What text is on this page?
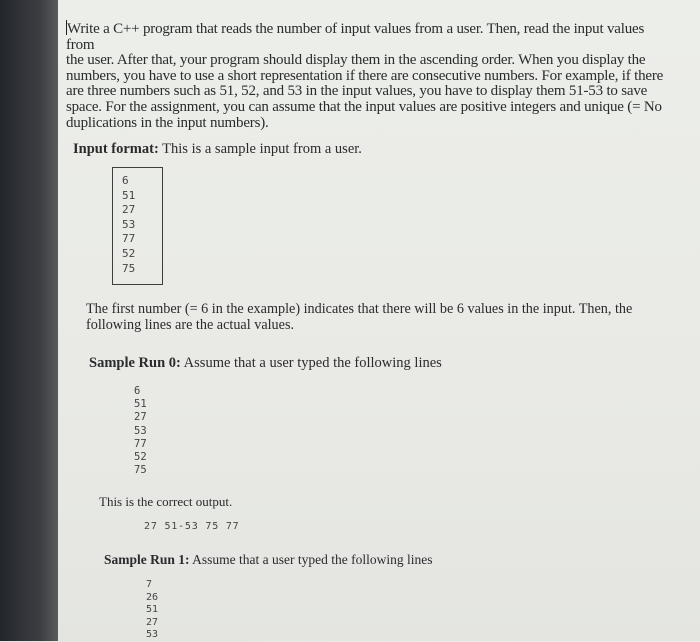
Write a C++ program that reads the number of input values from a user. Then, read the input values from
the user. After that, your program should display them in the ascending order. When you display the
numbers, you have to use a short representation if there are consecutive numbers. For example, if there
are three numbers such as 51, 52, and 53 in the input values, you have to display them 51-53 to save
space. For the assignment, you can assume that the input values are positive integers and unique (= No
duplications in the input numbers).

Input format: This is a sample input from a user.

6
51
27
53
77
52
75

The first number (= 6 in the example) indicates that there will be 6 values in the input. Then, the
following lines are the actual values.

Sample Run 0: Assume that a user typed the following lines

6
51
27
53
77
52
75

This is the correct output.

27 51-53 75 77

Sample Run 1: Assume that a user typed the following lines

7
26
51
27
53
